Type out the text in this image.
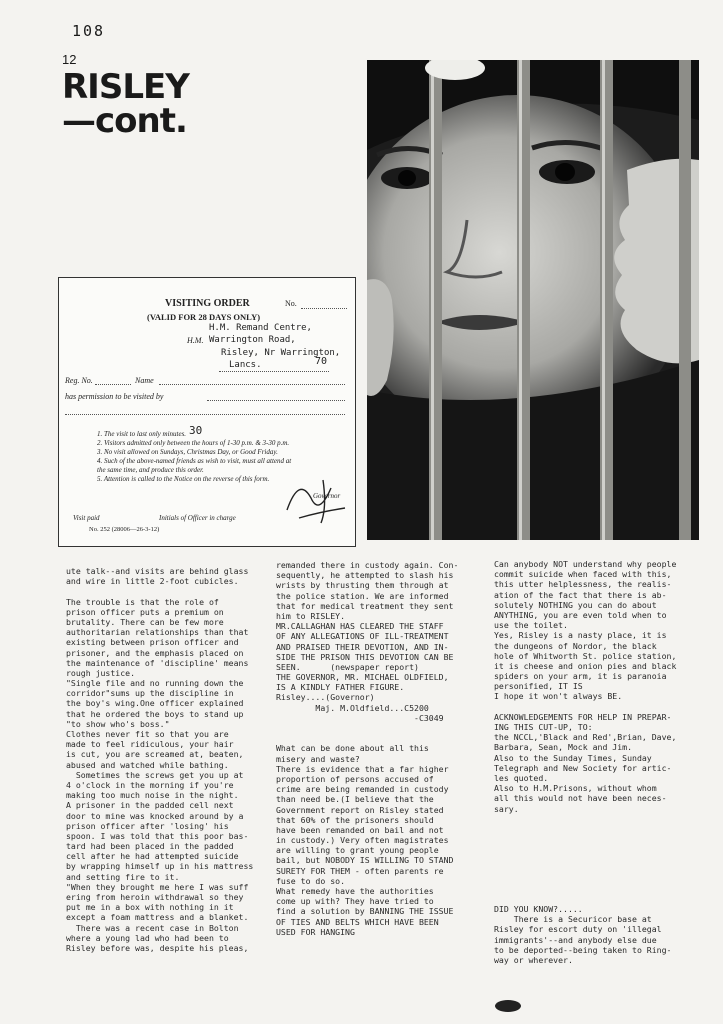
108
12
RISLEY
—cont.
VISITING ORDER	No.
(VALID FOR 28 DAYS ONLY)
H.M. Remand Centre,
H.M. Warrington Road,
Risley, Nr Warrington,
Lancs.	70
Reg. No.	Name
has permission to be visited by
1. The visit to last only minutes. 30
2. Visitors admitted only between the hours of 1-30 p.m. & 3-30 p.m.
3. No visit allowed on Sundays, Christmas Day, or Good Friday.
4. Such of the above-named friends as wish to visit, must all attend at
the same time, and produce this order.
5. Attention is called to the Notice on the reverse of this form.
Governor
Visit paid	Initials of Officer in charge
No. 252 (28006—26-3-12)
ute talk--and visits are behind glass
and wire in little 2-foot cubicles.
The trouble is that the role of
prison officer puts a premium on
brutality. There can be few more
authoritarian relationships than that
existing between prison officer and
prisoner, and the emphasis placed on
the maintenance of 'discipline' means
rough justice.
"Single file and no running down the
corridor"sums up the discipline in
the boy's wing.One officer explained
that he ordered the boys to stand up
"to show who's boss."
Clothes never fit so that you are
made to feel ridiculous, your hair
is cut, you are screamed at, beaten,
abused and watched while bathing.
Sometimes the screws get you up at
4 o'clock in the morning if you're
making too much noise in the night.
A prisoner in the padded cell next
door to mine was knocked around by a
prison officer after 'losing' his
spoon. I was told that this poor bas-
tard had been placed in the padded
cell after he had attempted suicide
by wrapping himself up in his mattress
and setting fire to it.
"When they brought me here I was suff
ering from heroin withdrawal so they
put me in a box with nothing in it
except a foam mattress and a blanket.
There was a recent case in Bolton
where a young lad who had been to
Risley before was, despite his pleas,
remanded there in custody again. Con-
sequently, he attempted to slash his
wrists by thrusting them through at
the police station. We are informed
that for medical treatment they sent
him to RISLEY.
MR.CALLAGHAN HAS CLEARED THE STAFF
OF ANY ALLEGATIONS OF ILL-TREATMENT
AND PRAISED THEIR DEVOTION, AND IN-
SIDE THE PRISON THIS DEVOTION CAN BE
SEEN.      (newspaper report)
THE GOVERNOR, MR. MICHAEL OLDFIELD,
IS A KINDLY FATHER FIGURE.
Risley....(Governor)
Maj. M.Oldfield...C5200
-C3049
What can be done about all this
misery and waste?
There is evidence that a far higher
proportion of persons accused of
crime are being remanded in custody
than need be.(I believe that the
Government report on Risley stated
that 60% of the prisoners should
have been remanded on bail and not
in custody.) Very often magistrates
are willing to grant young people
bail, but NOBODY IS WILLING TO STAND
SURETY FOR THEM - often parents re
fuse to do so.
What remedy have the authorities
come up with? They have tried to
find a solution by BANNING THE ISSUE
OF TIES AND BELTS WHICH HAVE BEEN
USED FOR HANGING
Can anybody NOT understand why people
commit suicide when faced with this,
this utter helplessness, the realis-
ation of the fact that there is ab-
solutely NOTHING you can do about
ANYTHING, you are even told when to
use the toilet.
Yes, Risley is a nasty place, it is
the dungeons of Nordor, the black
hole of Whitworth St. police station,
it is cheese and onion pies and black
spiders on your arm, it is paranoia
personified, IT IS
I hope it won't always BE.
ACKNOWLEDGEMENTS FOR HELP IN PREPAR-
ING THIS CUT-UP, TO:
the NCCL,'Black and Red',Brian, Dave,
Barbara, Sean, Mock and Jim.
Also to the Sunday Times, Sunday
Telegraph and New Society for artic-
les quoted.
Also to H.M.Prisons, without whom
all this would not have been neces-
sary.
DID YOU KNOW?.....
There is a Securicor base at
Risley for escort duty on 'illegal
immigrants'--and anybody else due
to be deported--being taken to Ring-
way or wherever.
